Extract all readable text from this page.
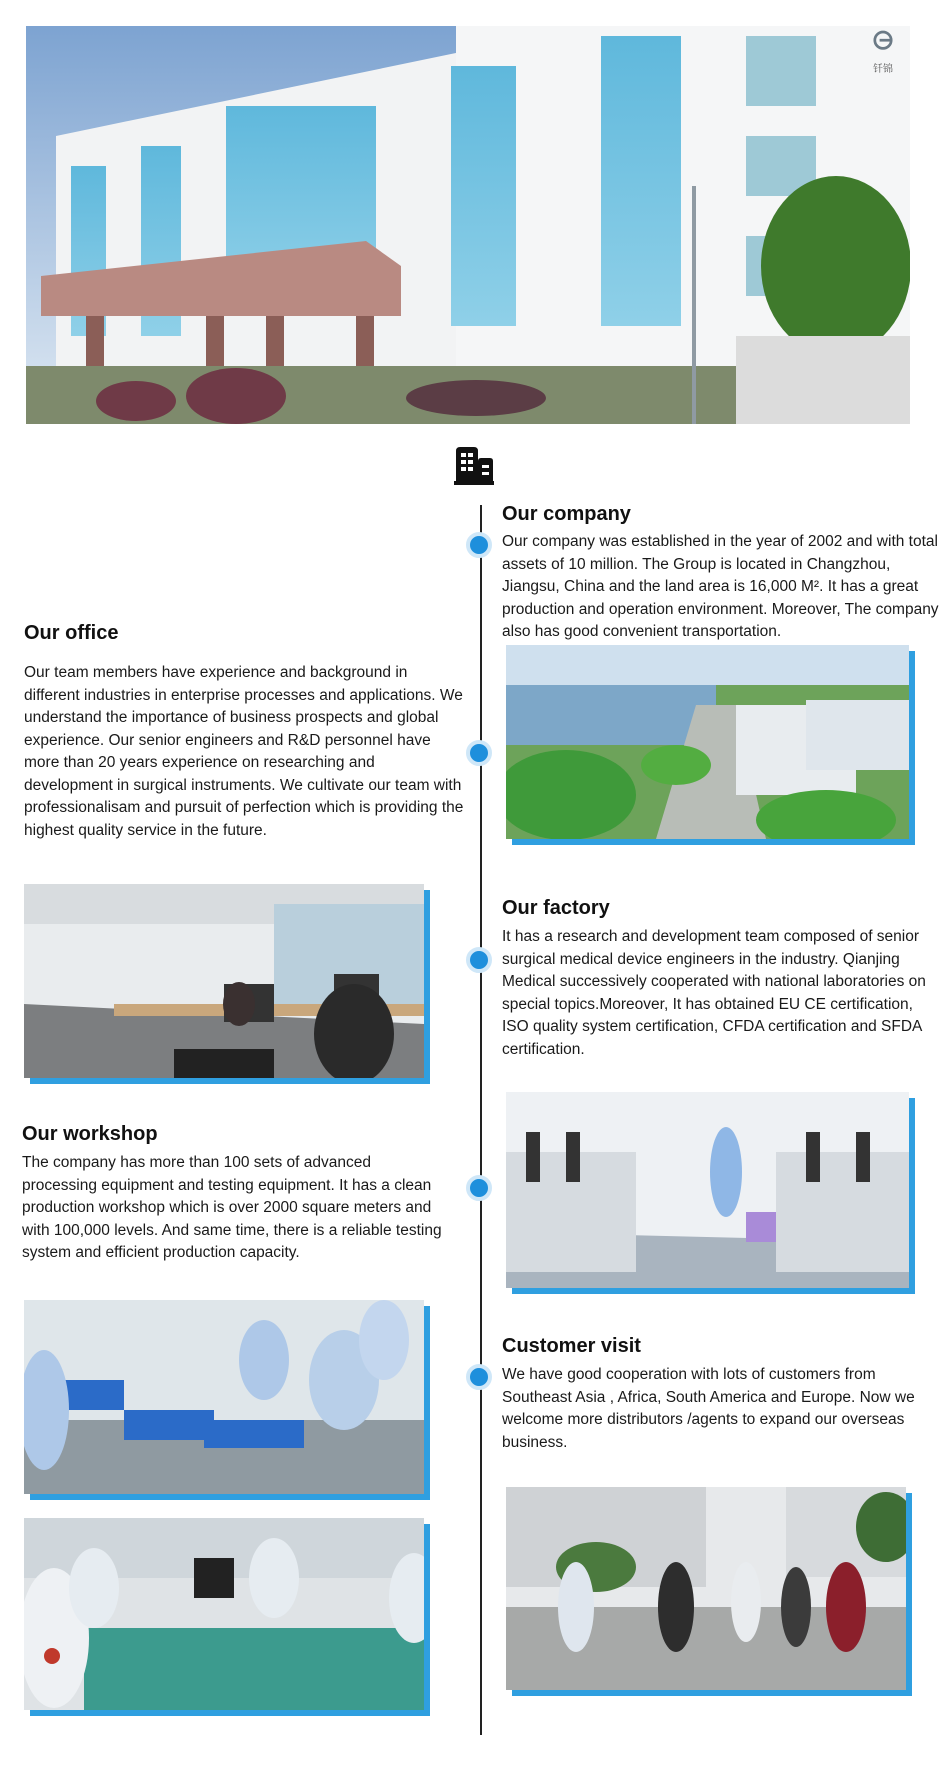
钎锦
Our company

Our company was established in the year of 2002 and with total assets of 10 million. The Group is located in Changzhou, Jiangsu, China and the land area is 16,000 M². It has a great production and operation environment. Moreover, The company also has good convenient transportation.

Our office

Our team members have experience and background in different industries in enterprise processes and applications. We understand the importance of business prospects and global experience. Our senior engineers and R&D personnel have more than 20 years experience on researching and development in surgical instruments. We cultivate our team with professionalisam and pursuit of perfection which is providing the highest quality service in the future.

Our factory

It has a research and development team composed of senior surgical medical device engineers in the industry. Qianjing Medical successively cooperated with national laboratories on special topics.Moreover, It has obtained EU CE certification, ISO quality system certification, CFDA certification and SFDA certification.

Our workshop

The company has more than 100 sets of advanced processing equipment and testing equipment. It has a clean production workshop which is over 2000 square meters and with 100,000 levels. And same time, there is a reliable testing system and efficient production capacity.

Customer visit

We have good cooperation with lots of customers from Southeast Asia , Africa, South America and Europe. Now we welcome more distributors /agents to expand our overseas business.
